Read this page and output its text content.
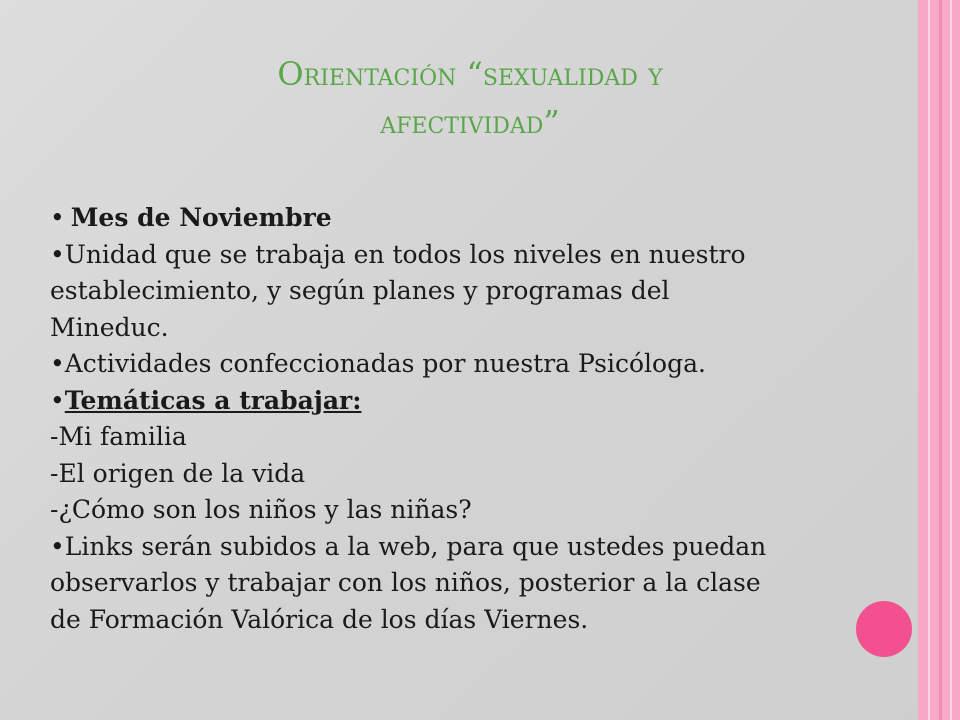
Orientación “sexualidad y
afectividad”
• Mes de Noviembre
•Unidad que se trabaja en todos los niveles en nuestro
establecimiento, y según planes y programas del
Mineduc.
•Actividades confeccionadas por nuestra Psicóloga.
•Temáticas a trabajar:
-Mi familia
-El origen de la vida
-¿Cómo son los niños y las niñas?
•Links serán subidos a la web, para que ustedes puedan
observarlos y trabajar con los niños, posterior a la clase
de Formación Valórica de los días Viernes.
